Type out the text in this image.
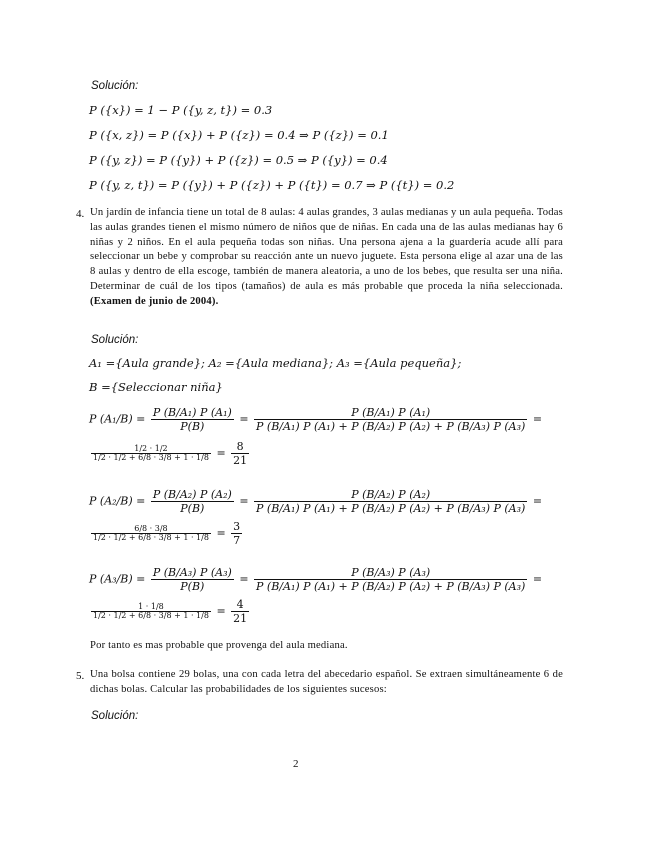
Solución:
P ({x}) = 1 − P ({y, z, t}) = 0.3
P ({x, z}) = P ({x}) + P ({z}) = 0.4 ⇒ P ({z}) = 0.1
P ({y, z}) = P ({y}) + P ({z}) = 0.5 ⇒ P ({y}) = 0.4
P ({y, z, t}) = P ({y}) + P ({z}) + P ({t}) = 0.7 ⇒ P ({t}) = 0.2
4. Un jardín de infancia tiene un total de 8 aulas: 4 aulas grandes, 3 aulas medianas y un aula pequeña. Todas las aulas grandes tienen el mismo número de niños que de niñas. En cada una de las aulas medianas hay 6 niñas y 2 niños. En el aula pequeña todas son niñas. Una persona ajena a la guardería acude allí para seleccionar un bebe y comprobar su reacción ante un nuevo juguete. Esta persona elige al azar una de las 8 aulas y dentro de ella escoge, también de manera aleatoria, a uno de los bebes, que resulta ser una niña. Determinar de cuál de los tipos (tamaños) de aula es más probable que proceda la niña seleccionada. (Examen de junio de 2004).
Solución:
A₁ ={Aula grande}; A₂ ={Aula mediana}; A₃ ={Aula pequeña};
B ={Seleccionar niña}
P $(A_1/B) = \frac{\text{P (B/A₁) P (A₁)}}{P(B)} = \frac{\text{P (B/A₁) P (A₁)}}{\text{P (B/A₁) P (A₁) + P (B/A₂) P (A₂) + P (B/A₃) P (A₃)}}$ =
$\frac{1/2 \cdot 1/2}{1/2 \cdot 1/2 + 6/8 \cdot 3/8 + 1 \cdot 1/8} = \frac{8}{21}$
P $(A_2/B) = \frac{\text{P (B/A₂) P (A₂)}}{P(B)} = \frac{\text{P (B/A₂) P (A₂)}}{\text{P (B/A₁) P (A₁) + P (B/A₂) P (A₂) + P (B/A₃) P (A₃)}}$ =
$\frac{6/8 \cdot 3/8}{1/2 \cdot 1/2 + 6/8 \cdot 3/8 + 1 \cdot 1/8} = \frac{3}{7}$
P $(A_3/B) = \frac{\text{P (B/A₃) P (A₃)}}{P(B)} = \frac{\text{P (B/A₃) P (A₃)}}{\text{P (B/A₁) P (A₁) + P (B/A₂) P (A₂) + P (B/A₃) P (A₃)}}$ =
$\frac{1 \cdot 1/8}{1/2 \cdot 1/2 + 6/8 \cdot 3/8 + 1 \cdot 1/8} = \frac{4}{21}$
Por tanto es mas probable que provenga del aula mediana.
5. Una bolsa contiene 29 bolas, una con cada letra del abecedario español. Se extraen simultáneamente 6 de dichas bolas. Calcular las probabilidades de los siguientes sucesos:
Solución:
2
